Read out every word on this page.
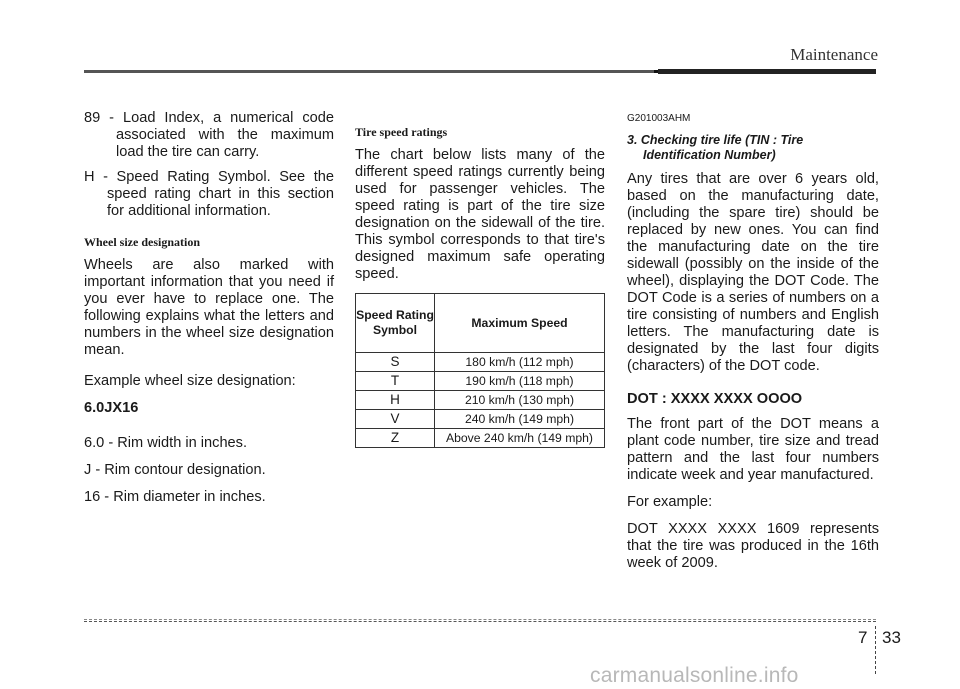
Maintenance

89 - Load Index, a numerical code associated with the maximum load the tire can carry.

H - Speed Rating Symbol. See the speed rating chart in this section for additional information.

Wheel size designation

Wheels are also marked with important information that you need if you ever have to replace one. The following explains what the letters and numbers in the wheel size designation mean.

Example wheel size designation:

6.0JX16

6.0 - Rim width in inches.

J - Rim contour designation.

16 - Rim diameter in inches.

Tire speed ratings

The chart below lists many of the different speed ratings currently being used for passenger vehicles. The speed rating is part of the tire size designation on the sidewall of the tire. This symbol corresponds to that tire's designed maximum safe operating speed.

Speed Rating Symbol	Maximum Speed
S	180 km/h (112 mph)
T	190 km/h (118 mph)
H	210 km/h (130 mph)
V	240 km/h (149 mph)
Z	Above 240 km/h (149 mph)

G201003AHM

3. Checking tire life (TIN : Tire Identification Number)

Any tires that are over 6 years old, based on the manufacturing date, (including the spare tire) should be replaced by new ones. You can find the manufacturing date on the tire sidewall (possibly on the inside of the wheel), displaying the DOT Code. The DOT Code is a series of numbers on a tire consisting of numbers and English letters. The manufacturing date is designated by the last four digits (characters) of the DOT code.

DOT : XXXX XXXX OOOO

The front part of the DOT means a plant code number, tire size and tread pattern and the last four numbers indicate week and year manufactured.

For example:

DOT XXXX XXXX 1609 represents that the tire was produced in the 16th week of 2009.

7 33
carmanualsonline.info
